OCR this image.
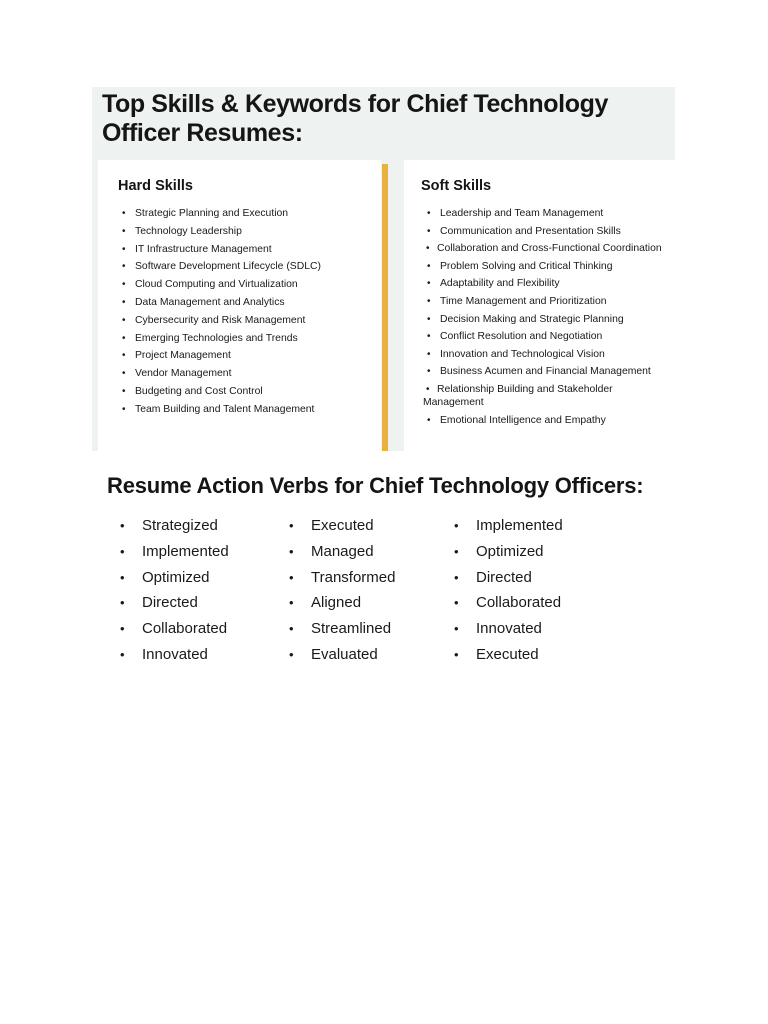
Top Skills & Keywords for Chief Technology Officer Resumes:
Hard Skills
• Strategic Planning and Execution
• Technology Leadership
• IT Infrastructure Management
• Software Development Lifecycle (SDLC)
• Cloud Computing and Virtualization
• Data Management and Analytics
• Cybersecurity and Risk Management
• Emerging Technologies and Trends
• Project Management
• Vendor Management
• Budgeting and Cost Control
• Team Building and Talent Management
Soft Skills
• Leadership and Team Management
• Communication and Presentation Skills
• Collaboration and Cross-Functional Coordination
• Problem Solving and Critical Thinking
• Adaptability and Flexibility
• Time Management and Prioritization
• Decision Making and Strategic Planning
• Conflict Resolution and Negotiation
• Innovation and Technological Vision
• Business Acumen and Financial Management
• Relationship Building and Stakeholder Management
• Emotional Intelligence and Empathy
Resume Action Verbs for Chief Technology Officers:
• Strategized
• Implemented
• Optimized
• Directed
• Collaborated
• Innovated
• Executed
• Managed
• Transformed
• Aligned
• Streamlined
• Evaluated
• Implemented
• Optimized
• Directed
• Collaborated
• Innovated
• Executed
